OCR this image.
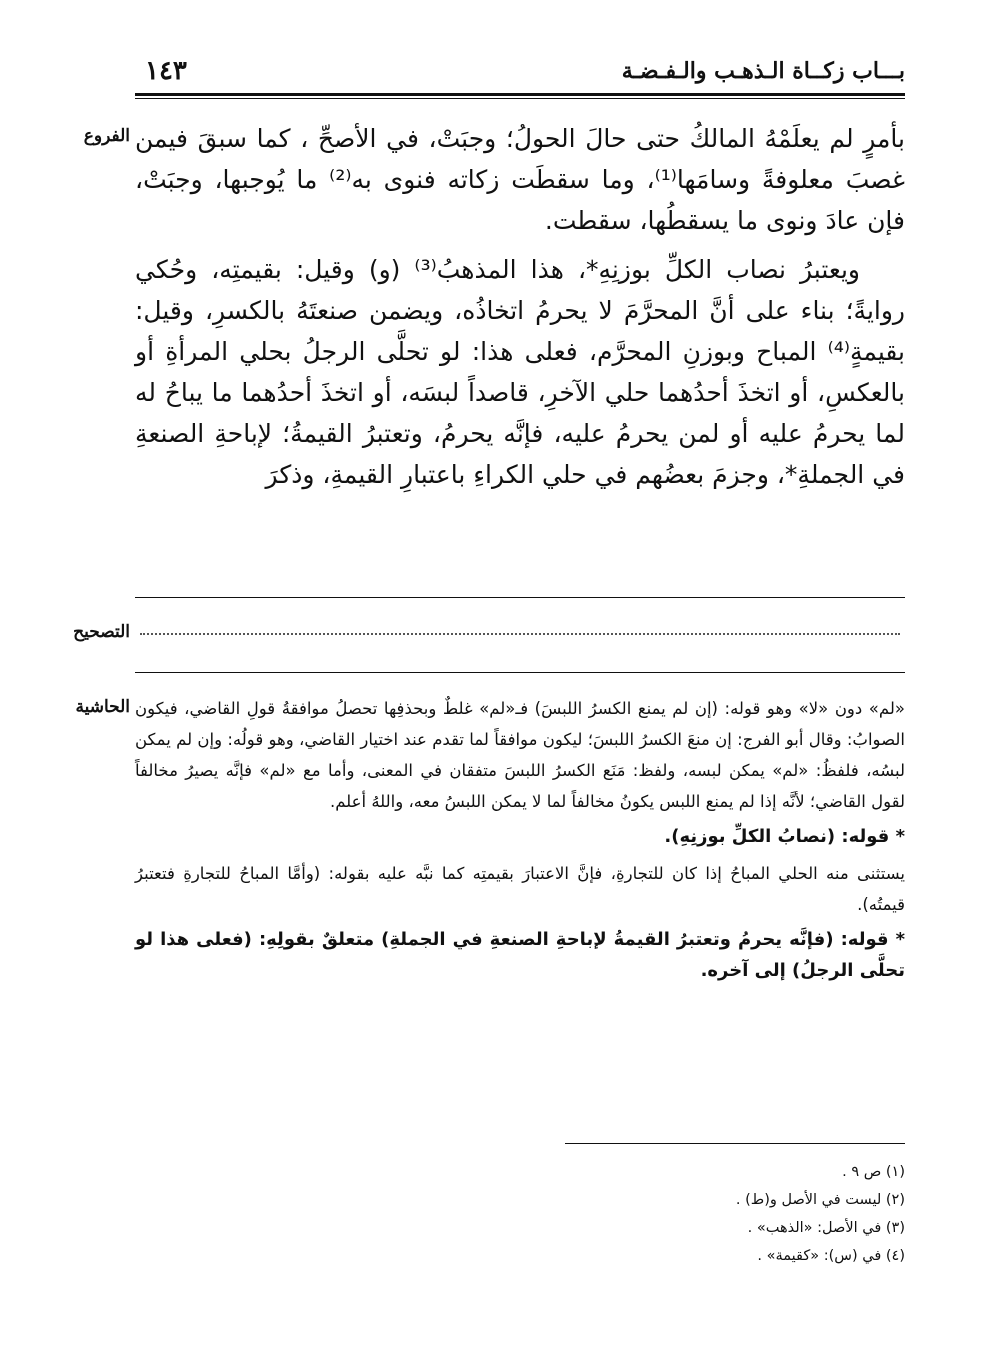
١٤٣	بـــاب زكــاة الـذهـب والـفـضـة
الفروع بأمرٍ لم يعلَمْهُ المالكُ حتى حالَ الحولُ؛ وجبَتْ، في الأصحِّ ، كما سبقَ فيمن غصبَ معلوفةً وسامَها⁽¹⁾، وما سقطَت زكاته فنوى به⁽²⁾ ما يُوجبها، وجبَتْ، فإن عادَ ونوى ما يسقطُها، سقطت.

ويعتبرُ نصاب الكلِّ بوزنِهِ*، هذا المذهبُ⁽³⁾ (و) وقيل: بقيمتِه، وحُكي روايةً؛ بناء على أنَّ المحرَّمَ لا يحرمُ اتخاذُه، ويضمن صنعتَهُ بالكسرِ، وقيل: بقيمةٍ⁽⁴⁾ المباح وبوزنِ المحرَّم، فعلى هذا: لو تحلَّى الرجلُ بحلي المرأةِ أو بالعكسِ، أو اتخذَ أحدُهما حلي الآخرِ، قاصداً لبسَه، أو اتخذَ أحدُهما ما يباحُ له لما يحرمُ عليه أو لمن يحرمُ عليه، فإنَّه يحرمُ، وتعتبرُ القيمةُ؛ لإباحةِ الصنعةِ في الجملةِ*، وجزمَ بعضُهم في حلي الكراءِ باعتبارِ القيمةِ، وذكرَ

التصحيح
الحاشية «لم» دون «لا» وهو قوله: (إن لم يمنع الكسرُ اللبسَ) فـ«لم» غلطٌ وبحذفِها تحصلُ موافقةُ قولِ القاضي، فيكون الصوابُ: وقال أبو الفرج: إن منعَ الكسرُ اللبسَ؛ ليكون موافقاً لما تقدم عند اختيار القاضي، وهو قولُه: وإن لم يمكن لبسُه، فلفظُ: «لم» يمكن لبسه، ولفظ: مَنَع الكسرُ اللبسَ متفقان في المعنى، وأما مع «لم» فإنَّه يصيرُ مخالفاً لقول القاضي؛ لأنَّه إذا لم يمنع اللبس يكونُ مخالفاً لما لا يمكن اللبسُ معه، واللهُ أعلم.

* قوله: (نصابُ الكلِّ بوزنِهِ).

يستثنى منه الحلي المباحُ إذا كان للتجارةِ، فإنَّ الاعتبارَ بقيمتِه كما نبَّه عليه بقوله: (وأمَّا المباحُ للتجارةِ فتعتبرُ قيمتُه).

* قوله: (فإنَّه يحرمُ وتعتبرُ القيمةُ لإباحةِ الصنعةِ في الجملةِ) متعلقٌ بقولِهِ: (فعلى هذا لو تحلَّى الرجلُ) إلى آخره.

(١) ص ٩ .
(٢) ليست في الأصل و(ط) .
(٣) في الأصل: «الذهب» .
(٤) في (س): «كقيمة» .
